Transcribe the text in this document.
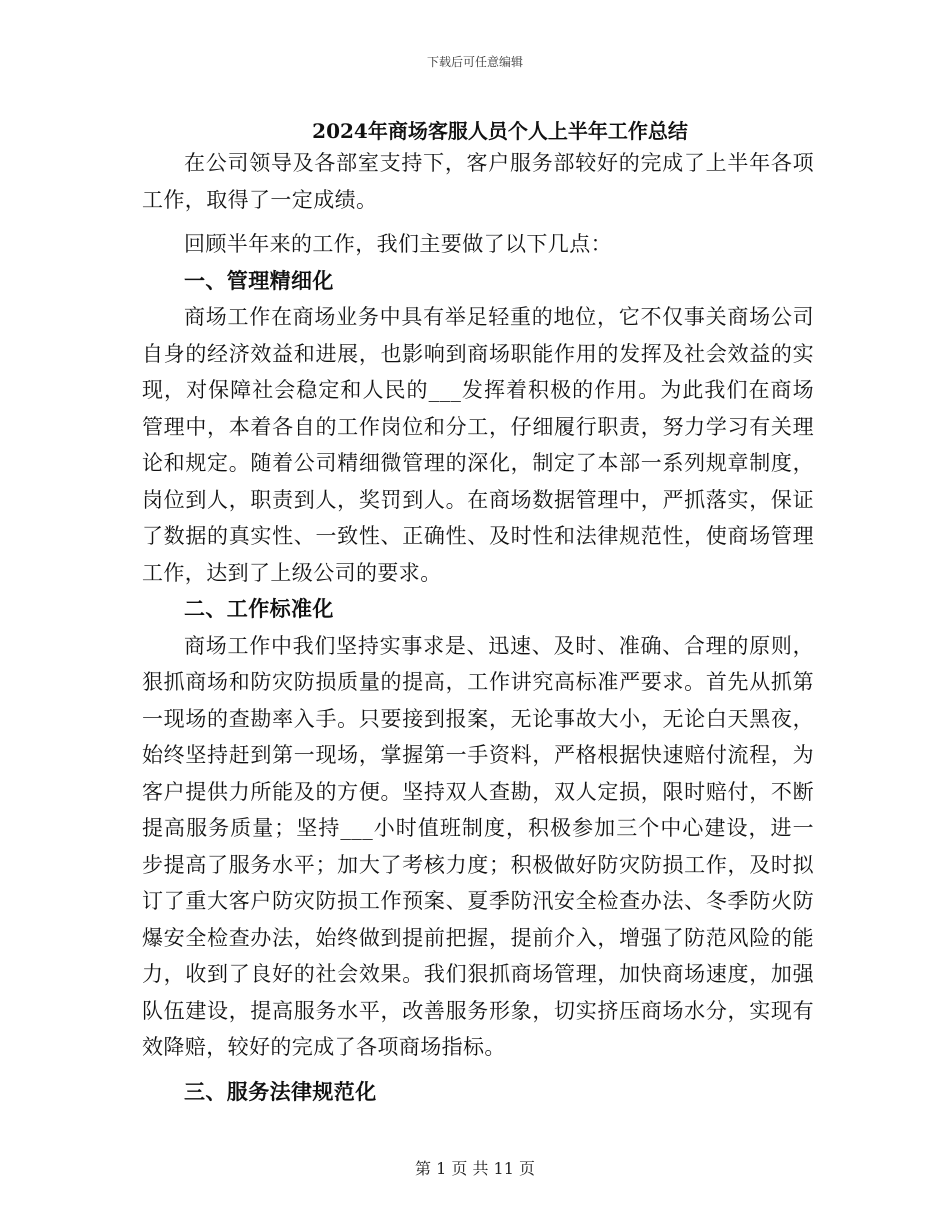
下载后可任意编辑
2024年商场客服人员个人上半年工作总结

在公司领导及各部室支持下，客户服务部较好的完成了上半年各项工作，取得了一定成绩。

回顾半年来的工作，我们主要做了以下几点：

一、管理精细化

商场工作在商场业务中具有举足轻重的地位，它不仅事关商场公司自身的经济效益和进展，也影响到商场职能作用的发挥及社会效益的实现，对保障社会稳定和人民的___发挥着积极的作用。为此我们在商场管理中，本着各自的工作岗位和分工，仔细履行职责，努力学习有关理论和规定。随着公司精细微管理的深化，制定了本部一系列规章制度，岗位到人，职责到人，奖罚到人。在商场数据管理中，严抓落实，保证了数据的真实性、一致性、正确性、及时性和法律规范性，使商场管理工作，达到了上级公司的要求。

二、工作标准化

商场工作中我们坚持实事求是、迅速、及时、准确、合理的原则，狠抓商场和防灾防损质量的提高，工作讲究高标准严要求。首先从抓第一现场的查勘率入手。只要接到报案，无论事故大小，无论白天黑夜，始终坚持赶到第一现场，掌握第一手资料，严格根据快速赔付流程，为客户提供力所能及的方便。坚持双人查勘，双人定损，限时赔付，不断提高服务质量；坚持___小时值班制度，积极参加三个中心建设，进一步提高了服务水平；加大了考核力度；积极做好防灾防损工作，及时拟订了重大客户防灾防损工作预案、夏季防汛安全检查办法、冬季防火防爆安全检查办法，始终做到提前把握，提前介入，增强了防范风险的能力，收到了良好的社会效果。我们狠抓商场管理，加快商场速度，加强队伍建设，提高服务水平，改善服务形象，切实挤压商场水分，实现有效降赔，较好的完成了各项商场指标。

三、服务法律规范化

第 1 页 共 11 页
